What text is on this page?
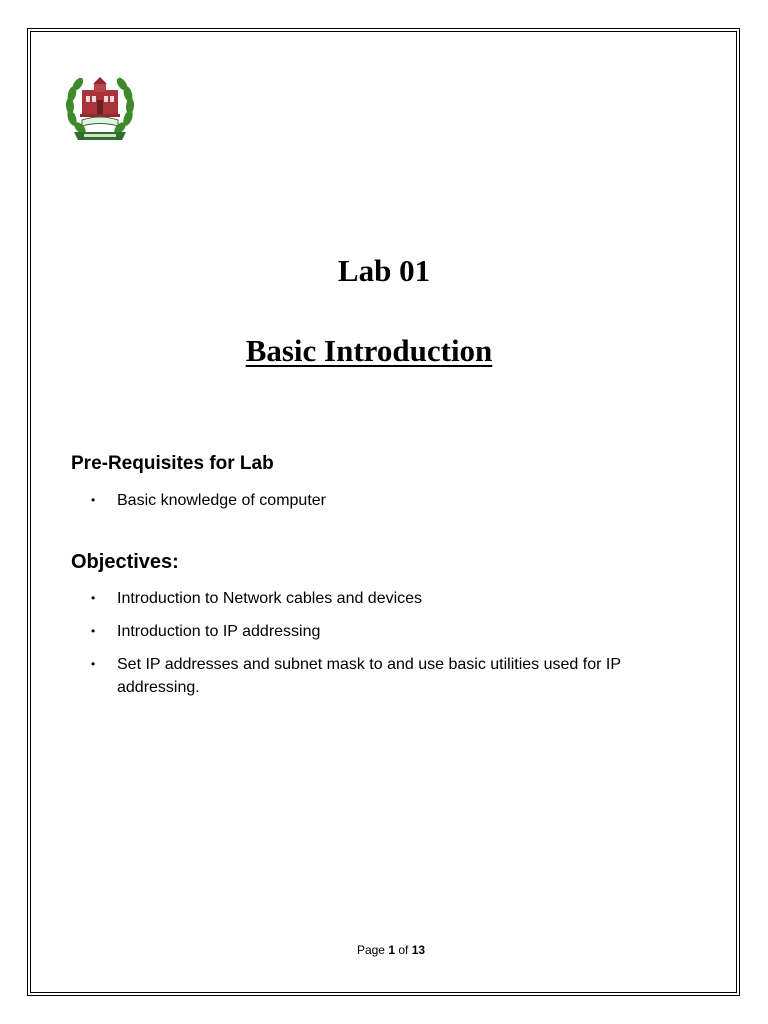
Lab 01
Basic Introduction
Pre-Requisites for Lab
• Basic knowledge of computer
Objectives:
• Introduction to Network cables and devices
• Introduction to IP addressing
• Set IP addresses and subnet mask to and use basic utilities used for IP addressing.
Page 1 of 13
